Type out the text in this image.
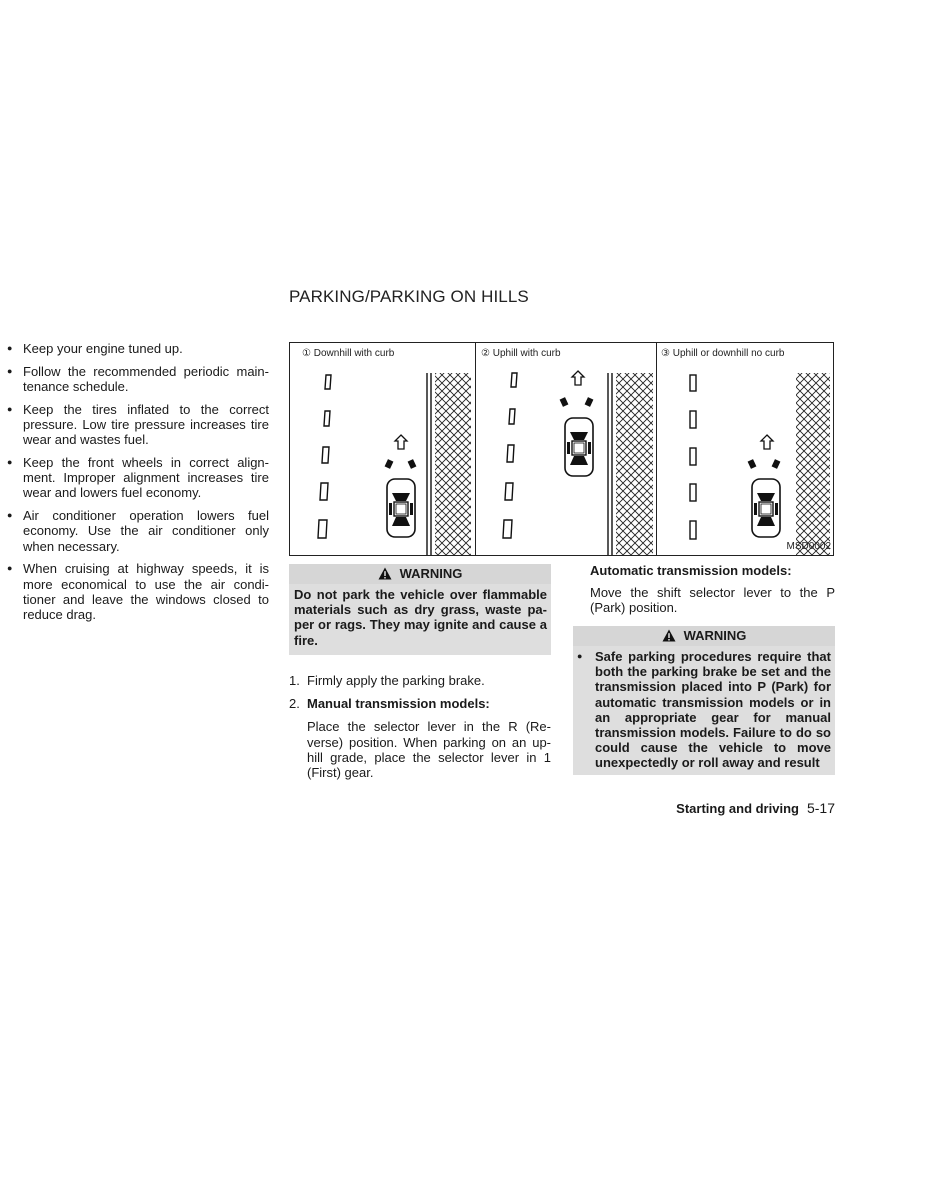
PARKING/PARKING ON HILLS
● Keep your engine tuned up.
● Follow the recommended periodic main-tenance schedule.
● Keep the tires inflated to the correct pressure. Low tire pressure increases tire wear and wastes fuel.
● Keep the front wheels in correct align-ment. Improper alignment increases tire wear and lowers fuel economy.
● Air conditioner operation lowers fuel economy. Use the air conditioner only when necessary.
● When cruising at highway speeds, it is more economical to use the air condi-tioner and leave the windows closed to reduce drag.
① Downhill with curb	② Uphill with curb	③ Uphill or downhill no curb
MSD0002
WARNING
Do not park the vehicle over flammable materials such as dry grass, waste pa-per or rags. They may ignite and cause a fire.
1. Firmly apply the parking brake.
2. Manual transmission models:
Place the selector lever in the R (Re-verse) position. When parking on an up-hill grade, place the selector lever in 1 (First) gear.
Automatic transmission models:
Move the shift selector lever to the P (Park) position.
WARNING
● Safe parking procedures require that both the parking brake be set and the transmission placed into P (Park) for automatic transmission models or in an appropriate gear for manual transmission models. Failure to do so could cause the vehicle to move unexpectedly or roll away and result
Starting and driving 5-17
